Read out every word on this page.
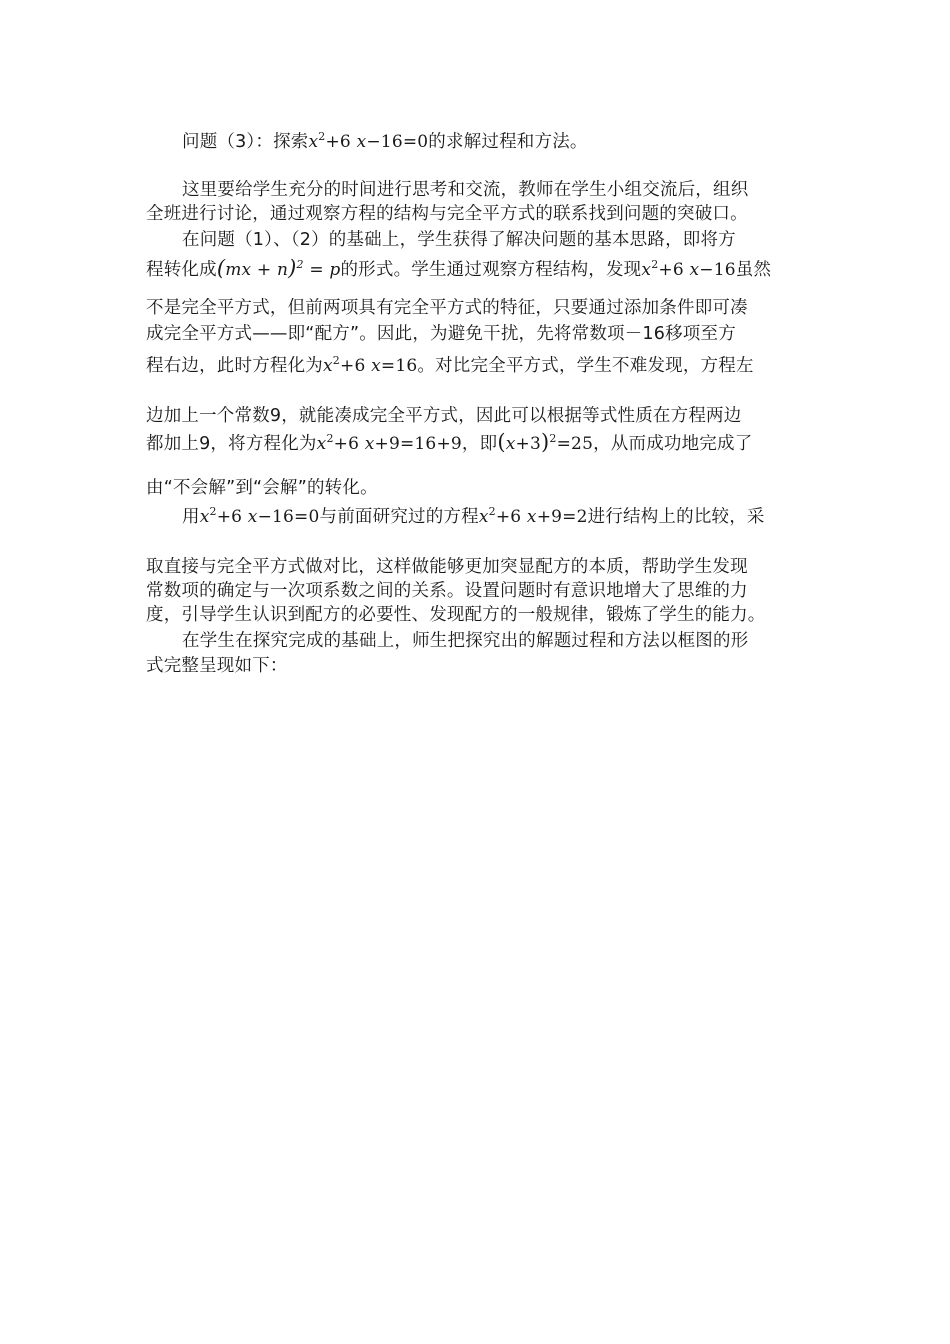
问题（3）：探索$x^2+6$ x−16=0的求解过程和方法。
这里要给学生充分的时间进行思考和交流，教师在学生小组交流后，组织
全班进行讨论，通过观察方程的结构与完全平方式的联系找到问题的突破口。
在问题（1）、（2）的基础上，学生获得了解决问题的基本思路，即将方
程转化成(mx + n)$^2$ = p的形式。学生通过观察方程结构，发现$x^2+6$ x−16虽然
不是完全平方式，但前两项具有完全平方式的特征，只要通过添加条件即可凑
成完全平方式——即“配方”。因此，为避免干扰，先将常数项－16移项至方
程右边，此时方程化为$x^2+6$ x=16。对比完全平方式，学生不难发现，方程左
边加上一个常数9，就能凑成完全平方式，因此可以根据等式性质在方程两边
都加上9，将方程化为$x^2+6$ x+9=16+9，即$(x+3)^2=25$，从而成功地完成了
由“不会解”到“会解”的转化。
用$x^2+6$ x−16=0与前面研究过的方程$x^2+6$ x+9=2进行结构上的比较，采
取直接与完全平方式做对比，这样做能够更加突显配方的本质，帮助学生发现
常数项的确定与一次项系数之间的关系。设置问题时有意识地增大了思维的力
度，引导学生认识到配方的必要性、发现配方的一般规律，锻炼了学生的能力。
在学生在探究完成的基础上，师生把探究出的解题过程和方法以框图的形
式完整呈现如下：
